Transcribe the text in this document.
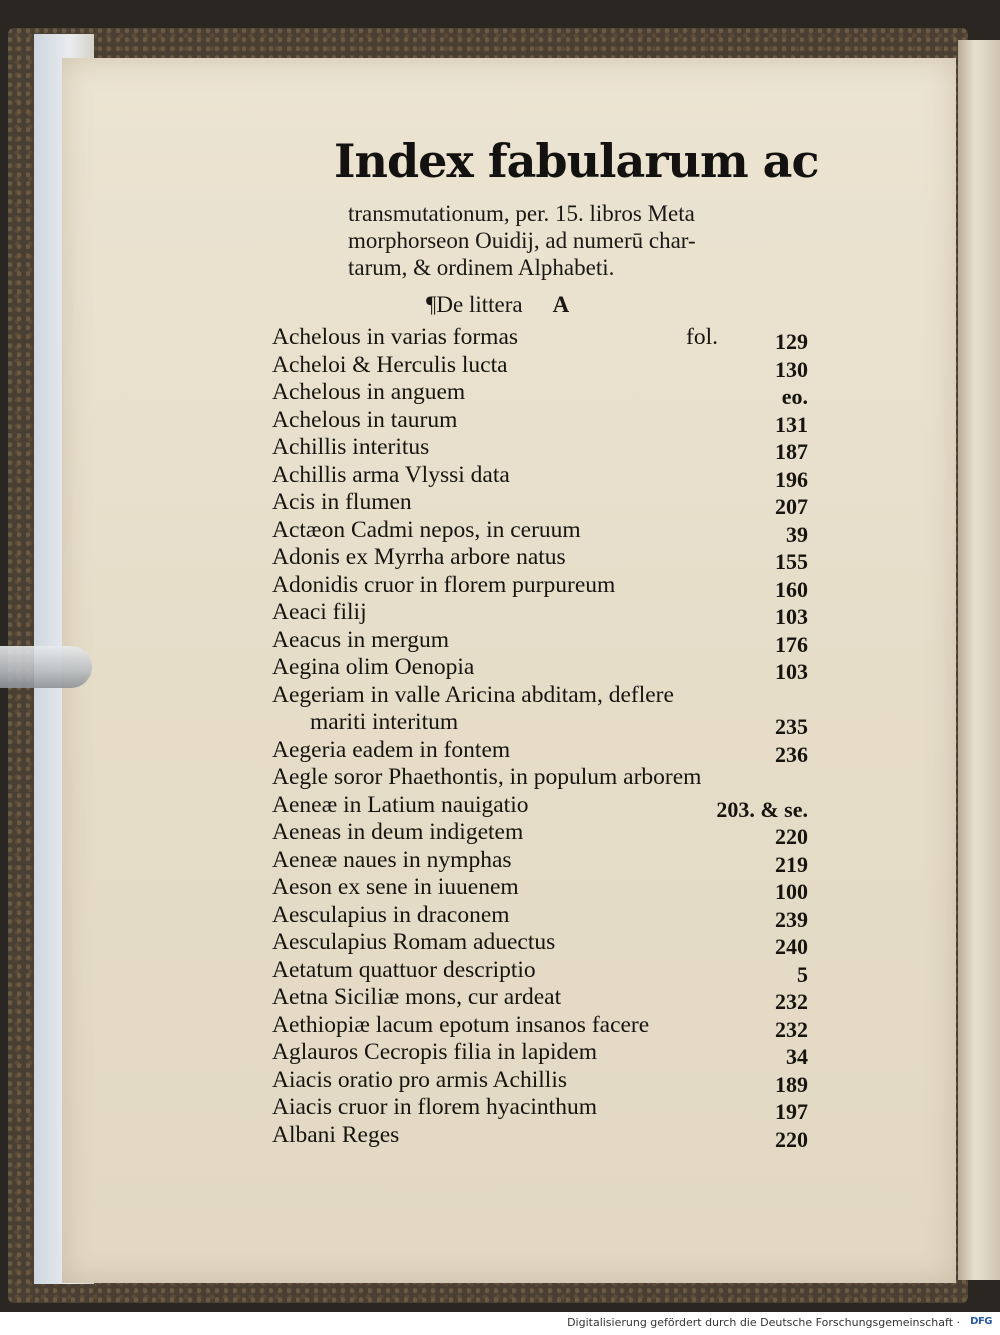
Index fabularum ac
transmutationum, per. 15. libros Meta
morphorseon Ouidij, ad numerū char-
tarum, & ordinem Alphabeti.
¶De littera A
Achelous in varias formas	fol.	129
Acheloi & Herculis lucta	130
Achelous in anguem	eo.
Achelous in taurum	131
Achillis interitus	187
Achillis arma Vlyssi data	196
Acis in flumen	207
Actæon Cadmi nepos, in ceruum	39
Adonis ex Myrrha arbore natus	155
Adonidis cruor in florem purpureum	160
Aeaci filij	103
Aeacus in mergum	176
Aegina olim Oenopia	103
Aegeriam in valle Aricina abditam, deflere
mariti interitum	235
Aegeria eadem in fontem	236
Aegle soror Phaethontis, in populum arborem
Aeneæ in Latium nauigatio	203. & se.
Aeneas in deum indigetem	220
Aeneæ naues in nymphas	219
Aeson ex sene in iuuenem	100
Aesculapius in draconem	239
Aesculapius Romam aduectus	240
Aetatum quattuor descriptio	5
Aetna Siciliæ mons, cur ardeat	232
Aethiopiæ lacum epotum insanos facere	232
Aglauros Cecropis filia in lapidem	34
Aiacis oratio pro armis Achillis	189
Aiacis cruor in florem hyacinthum	197
Albani Reges	220
Digitalisierung gefördert durch die Deutsche Forschungsgemeinschaft · DFG
